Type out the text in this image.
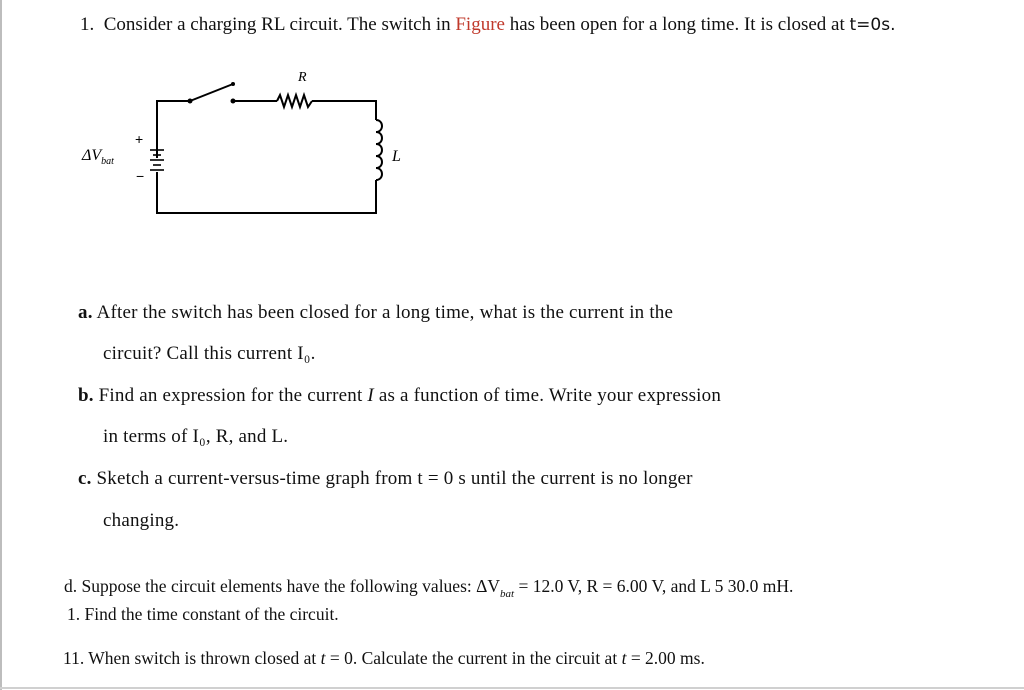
1. Consider a charging RL circuit. The switch in Figure has been open for a long time. It is closed at t=0s.
R
L
+
−
$\Delta V_{bat}$
a. After the switch has been closed for a long time, what is the current in the
circuit? Call this current I₀.
b. Find an expression for the current I as a function of time. Write your expression
in terms of I₀, R, and L.
c. Sketch a current-versus-time graph from t = 0 s until the current is no longer
changing.
d. Suppose the circuit elements have the following values: $\Delta V_{bat} = 12.0$ V, R = 6.00 V, and L 5 30.0 mH.
1. Find the time constant of the circuit.
11. When switch is thrown closed at t = 0. Calculate the current in the circuit at t = 2.00 ms.
